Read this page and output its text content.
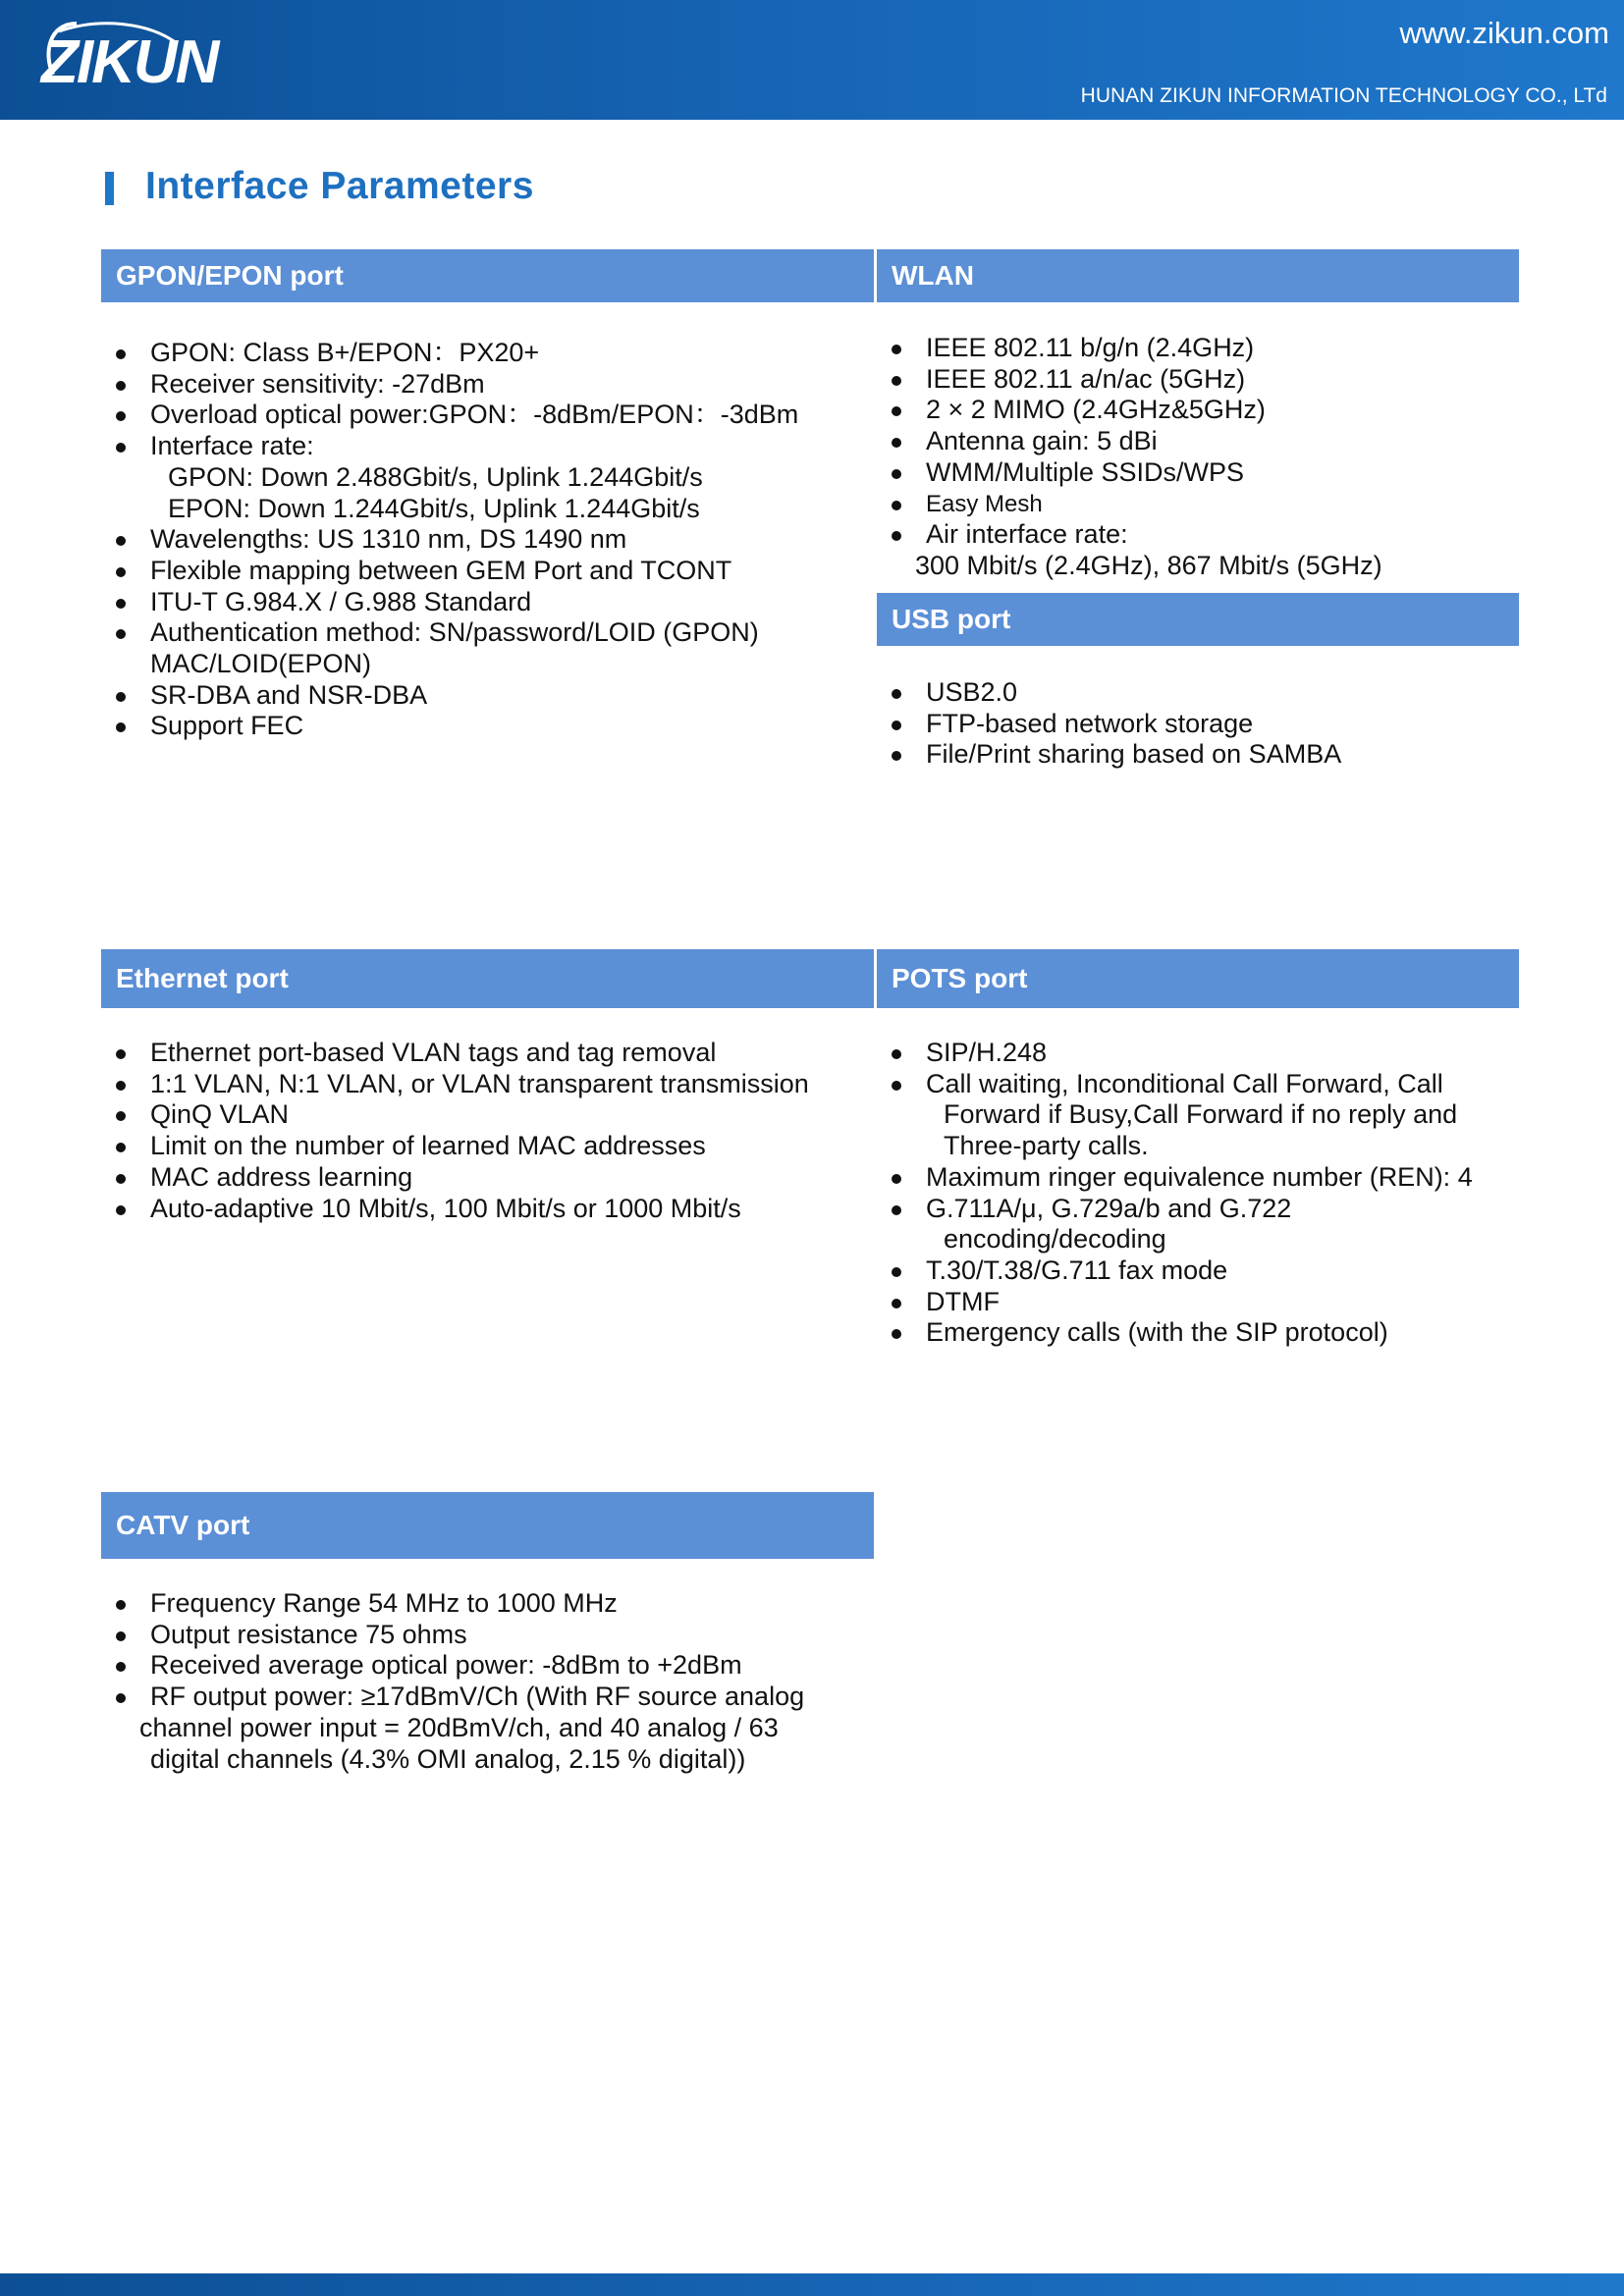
ZIKUN	www.zikun.com
HUNAN ZIKUN INFORMATION TECHNOLOGY CO., LTd
Interface Parameters
GPON/EPON port
GPON: Class B+/EPON：PX20+
Receiver sensitivity: -27dBm
Overload optical power:GPON：-8dBm/EPON：-3dBm
Interface rate:
GPON: Down 2.488Gbit/s, Uplink 1.244Gbit/s
EPON: Down 1.244Gbit/s, Uplink 1.244Gbit/s
Wavelengths: US 1310 nm, DS 1490 nm
Flexible mapping between GEM Port and TCONT
ITU-T G.984.X / G.988 Standard
Authentication method: SN/password/LOID (GPON)
MAC/LOID(EPON)
SR-DBA and NSR-DBA
Support FEC
WLAN
IEEE 802.11 b/g/n (2.4GHz)
IEEE 802.11 a/n/ac (5GHz)
2 × 2 MIMO (2.4GHz&5GHz)
Antenna gain: 5 dBi
WMM/Multiple SSIDs/WPS
Easy Mesh
Air interface rate:
300 Mbit/s (2.4GHz), 867 Mbit/s (5GHz)
USB port
USB2.0
FTP-based network storage
File/Print sharing based on SAMBA
Ethernet port
Ethernet port-based VLAN tags and tag removal
1:1 VLAN, N:1 VLAN, or VLAN transparent transmission
QinQ VLAN
Limit on the number of learned MAC addresses
MAC address learning
Auto-adaptive 10 Mbit/s, 100 Mbit/s or 1000 Mbit/s
POTS port
SIP/H.248
Call waiting, Inconditional Call Forward, Call
Forward if Busy,Call Forward if no reply and
Three-party calls.
Maximum ringer equivalence number (REN): 4
G.711A/μ, G.729a/b and G.722
encoding/decoding
T.30/T.38/G.711 fax mode
DTMF
Emergency calls (with the SIP protocol)
CATV port
Frequency Range 54 MHz to 1000 MHz
Output resistance 75 ohms
Received average optical power: -8dBm to +2dBm
RF output power: ≥17dBmV/Ch (With RF source analog
channel power input = 20dBmV/ch, and 40 analog / 63
digital channels (4.3% OMI analog, 2.15 % digital))
